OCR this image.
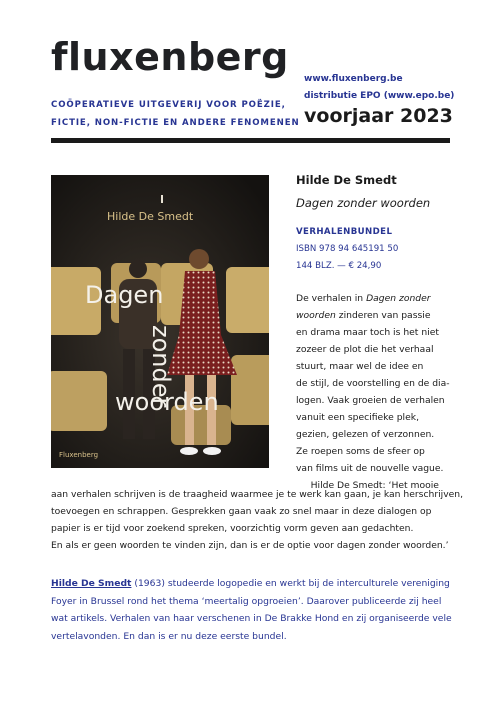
fluxenberg
COÖPERATIEVE UITGEVERIJ VOOR POËZIE,
FICTIE, NON-FICTIE EN ANDERE FENOMENEN
www.fluxenberg.be
distributie EPO (www.epo.be)
voorjaar 2023
Hilde De Smedt
Dagen
zonder
woorden
Fluxenberg
Hilde De Smedt
Dagen zonder woorden
VERHALENBUNDEL
ISBN 978 94 645191 50
144 BLZ. — € 24,90
De verhalen in Dagen zonder
woorden zinderen van passie
en drama maar toch is het niet
zozeer de plot die het verhaal
stuurt, maar wel de idee en
de stijl, de voorstelling en de dia-
logen. Vaak groeien de verhalen
vanuit een specifieke plek,
gezien, gelezen of verzonnen.
Ze roepen soms de sfeer op
van films uit de nouvelle vague.
Hilde De Smedt: ‘Het mooie
aan verhalen schrijven is de traagheid waarmee je te werk kan gaan, je kan herschrijven,
toevoegen en schrappen. Gesprekken gaan vaak zo snel maar in deze dialogen op
papier is er tijd voor zoekend spreken, voorzichtig vorm geven aan gedachten.
En als er geen woorden te vinden zijn, dan is er de optie voor dagen zonder woorden.’
Hilde De Smedt (1963) studeerde logopedie en werkt bij de interculturele vereniging
Foyer in Brussel rond het thema ‘meertalig opgroeien’. Daarover publiceerde zij heel
wat artikels. Verhalen van haar verschenen in De Brakke Hond en zij organiseerde vele
vertelavonden. En dan is er nu deze eerste bundel.
